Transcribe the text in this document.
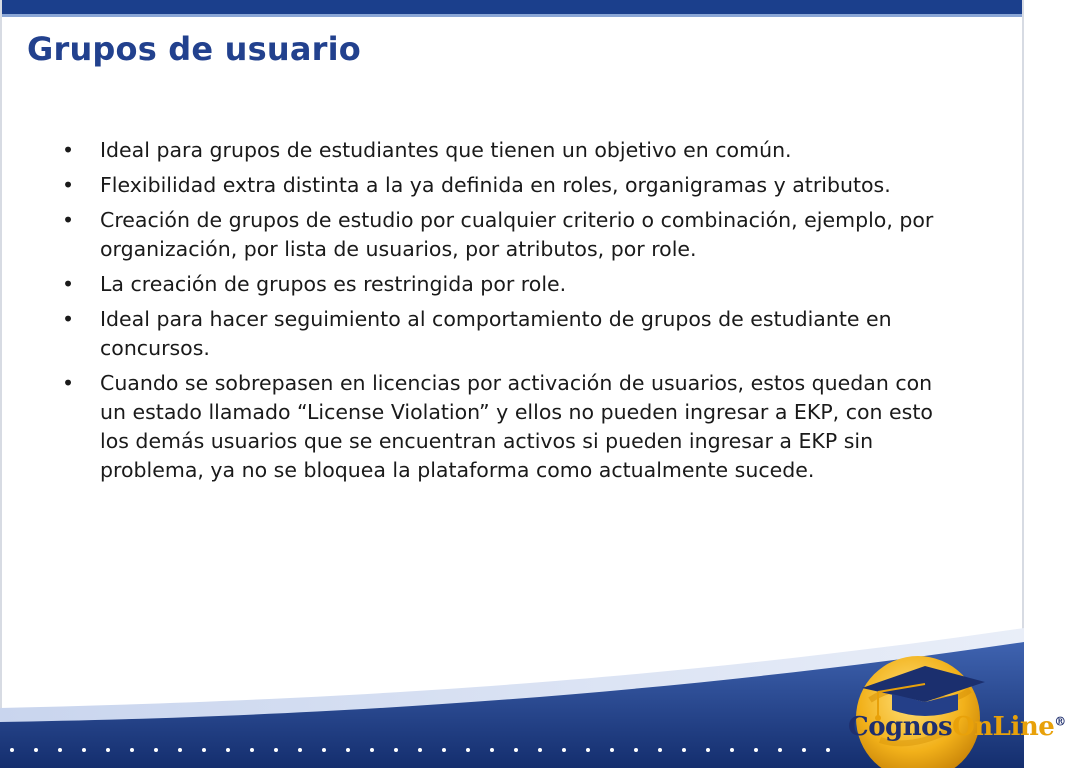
Grupos de usuario
•	Ideal para grupos de estudiantes que tienen un objetivo en común.
•	Flexibilidad extra distinta a la ya definida en roles, organigramas y atributos.
•	Creación de grupos de estudio por cualquier criterio o combinación, ejemplo, por organización, por lista de usuarios, por atributos, por role.
•	La creación de grupos es restringida por role.
•	Ideal para hacer seguimiento al comportamiento de grupos de estudiante en concursos.
•	Cuando se sobrepasen en licencias por activación de usuarios, estos quedan con un estado llamado “License Violation” y ellos no pueden ingresar a EKP, con esto los demás usuarios que se encuentran activos si pueden ingresar a EKP sin problema, ya no se bloquea la plataforma como actualmente sucede.
CognosOnLine®
